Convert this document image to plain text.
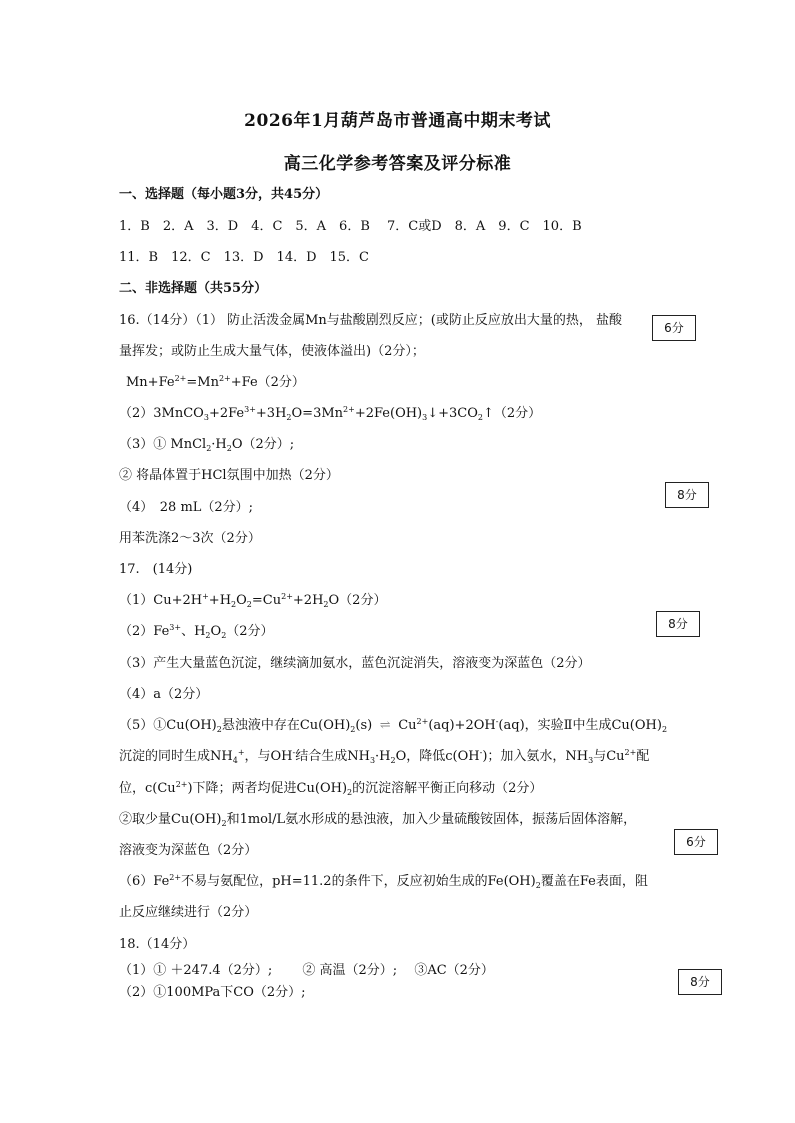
2026年1月葫芦岛市普通高中期末考试
高三化学参考答案及评分标准
一、选择题（每小题3分，共45分）
1．B　2．A　3．D　4．C　5．A　6．B　 7．C或D　8．A　9．C　10．B
11．B　12．C　13．D　14．D　15．C
二、非选择题（共55分）
16.（14分）（1） 防止活泼金属Mn与盐酸剧烈反应；(或防止反应放出大量的热， 盐酸
量挥发；或防止生成大量气体，使液体溢出)（2分）；
$Mn+Fe^{2+}=Mn^{2+}+Fe(2$分）
$(2)3MnCO_3+2Fe^{3+}+3H_2O=3Mn^{2+}+2Fe(OH)_3↓+3CO_2↑(2$分）
（3）① $MnCl_2\cdot H_2O(2$分）;
② 将晶体置于HCl氛围中加热（2分）
（4）　28 mL（2分）;
用苯洗涤2～3次（2分）
17.　(14分)
$(1)Cu+2H^++H_2O_2=Cu^{2+}+2H_2O(2$分）
$(2)Fe^{3+}$、$H_2O_2(2$分）
（3）产生大量蓝色沉淀，继续滴加氨水，蓝色沉淀消失，溶液变为深蓝色（2分）
（4）a（2分）
$(5)①Cu(OH)_2$悬浊液中存在$Cu(OH)_2(s)$ ⇌ $Cu^{2+}(aq)+2OH^-(aq)$，实验Ⅱ中生成$Cu(OH)_2$
沉淀的同时生成$NH_4^+$，与OH-结合生成$NH_3\cdot H_2O$，降低c(OH-)；加入氨水，$NH_3$与$Cu^{2+}$配
位，$c(Cu^{2+})$下降；两者均促进$Cu(OH)_2$的沉淀溶解平衡正向移动（2分）
②取少量$Cu(OH)_2$和1mol/L氨水形成的悬浊液，加入少量硫酸铵固体，振荡后固体溶解，
溶液变为深蓝色（2分）
$(6)Fe^{2+}$不易与氨配位，pH=11.2的条件下，反应初始生成的$Fe(OH)_2$覆盖在Fe表面，阻
止反应继续进行（2分）
18.（14分）
（1）① ＋247.4（2分）;　　 ② 高温（2分）;　 ③AC（2分）
（2）①100MPa下CO（2分）;
6分
8分
8分
6分
8分
